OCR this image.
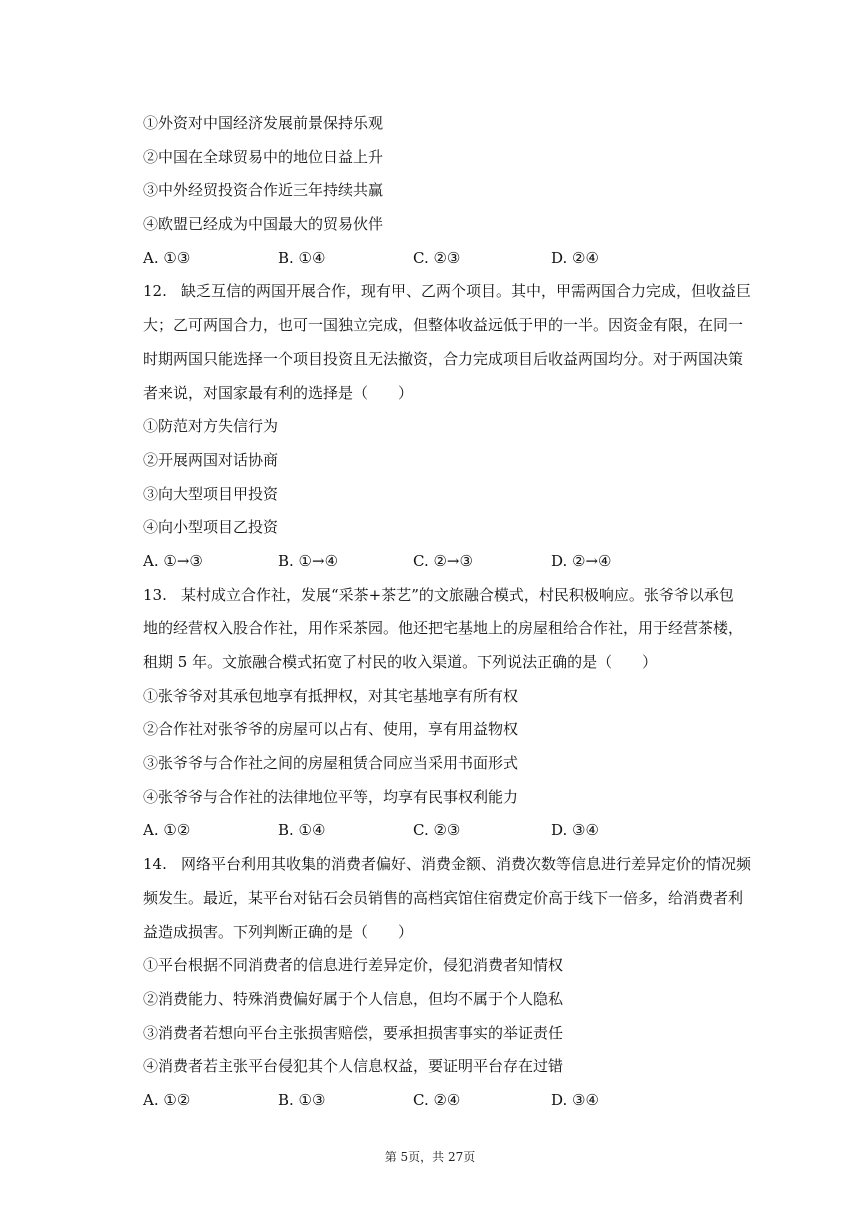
①外资对中国经济发展前景保持乐观
②中国在全球贸易中的地位日益上升
③中外经贸投资合作近三年持续共赢
④欧盟已经成为中国最大的贸易伙伴
A. ①③	B. ①④	C. ②③	D. ②④
12. 缺乏互信的两国开展合作，现有甲、乙两个项目。其中，甲需两国合力完成，但收益巨
大；乙可两国合力，也可一国独立完成，但整体收益远低于甲的一半。因资金有限，在同一
时期两国只能选择一个项目投资且无法撤资，合力完成项目后收益两国均分。对于两国决策
者来说，对国家最有利的选择是（　　）
①防范对方失信行为
②开展两国对话协商
③向大型项目甲投资
④向小型项目乙投资
A. ①→③	B. ①→④	C. ②→③	D. ②→④
13. 某村成立合作社，发展“采茶+茶艺”的文旅融合模式，村民积极响应。张爷爷以承包
地的经营权入股合作社，用作采茶园。他还把宅基地上的房屋租给合作社，用于经营茶楼，
租期 5 年。文旅融合模式拓宽了村民的收入渠道。下列说法正确的是（　　）
①张爷爷对其承包地享有抵押权，对其宅基地享有所有权
②合作社对张爷爷的房屋可以占有、使用，享有用益物权
③张爷爷与合作社之间的房屋租赁合同应当采用书面形式
④张爷爷与合作社的法律地位平等，均享有民事权利能力
A. ①②	B. ①④	C. ②③	D. ③④
14. 网络平台利用其收集的消费者偏好、消费金额、消费次数等信息进行差异定价的情况频
频发生。最近，某平台对钻石会员销售的高档宾馆住宿费定价高于线下一倍多，给消费者利
益造成损害。下列判断正确的是（　　）
①平台根据不同消费者的信息进行差异定价，侵犯消费者知情权
②消费能力、特殊消费偏好属于个人信息，但均不属于个人隐私
③消费者若想向平台主张损害赔偿，要承担损害事实的举证责任
④消费者若主张平台侵犯其个人信息权益，要证明平台存在过错
A. ①②	B. ①③	C. ②④	D. ③④
第 5页，共 27页
